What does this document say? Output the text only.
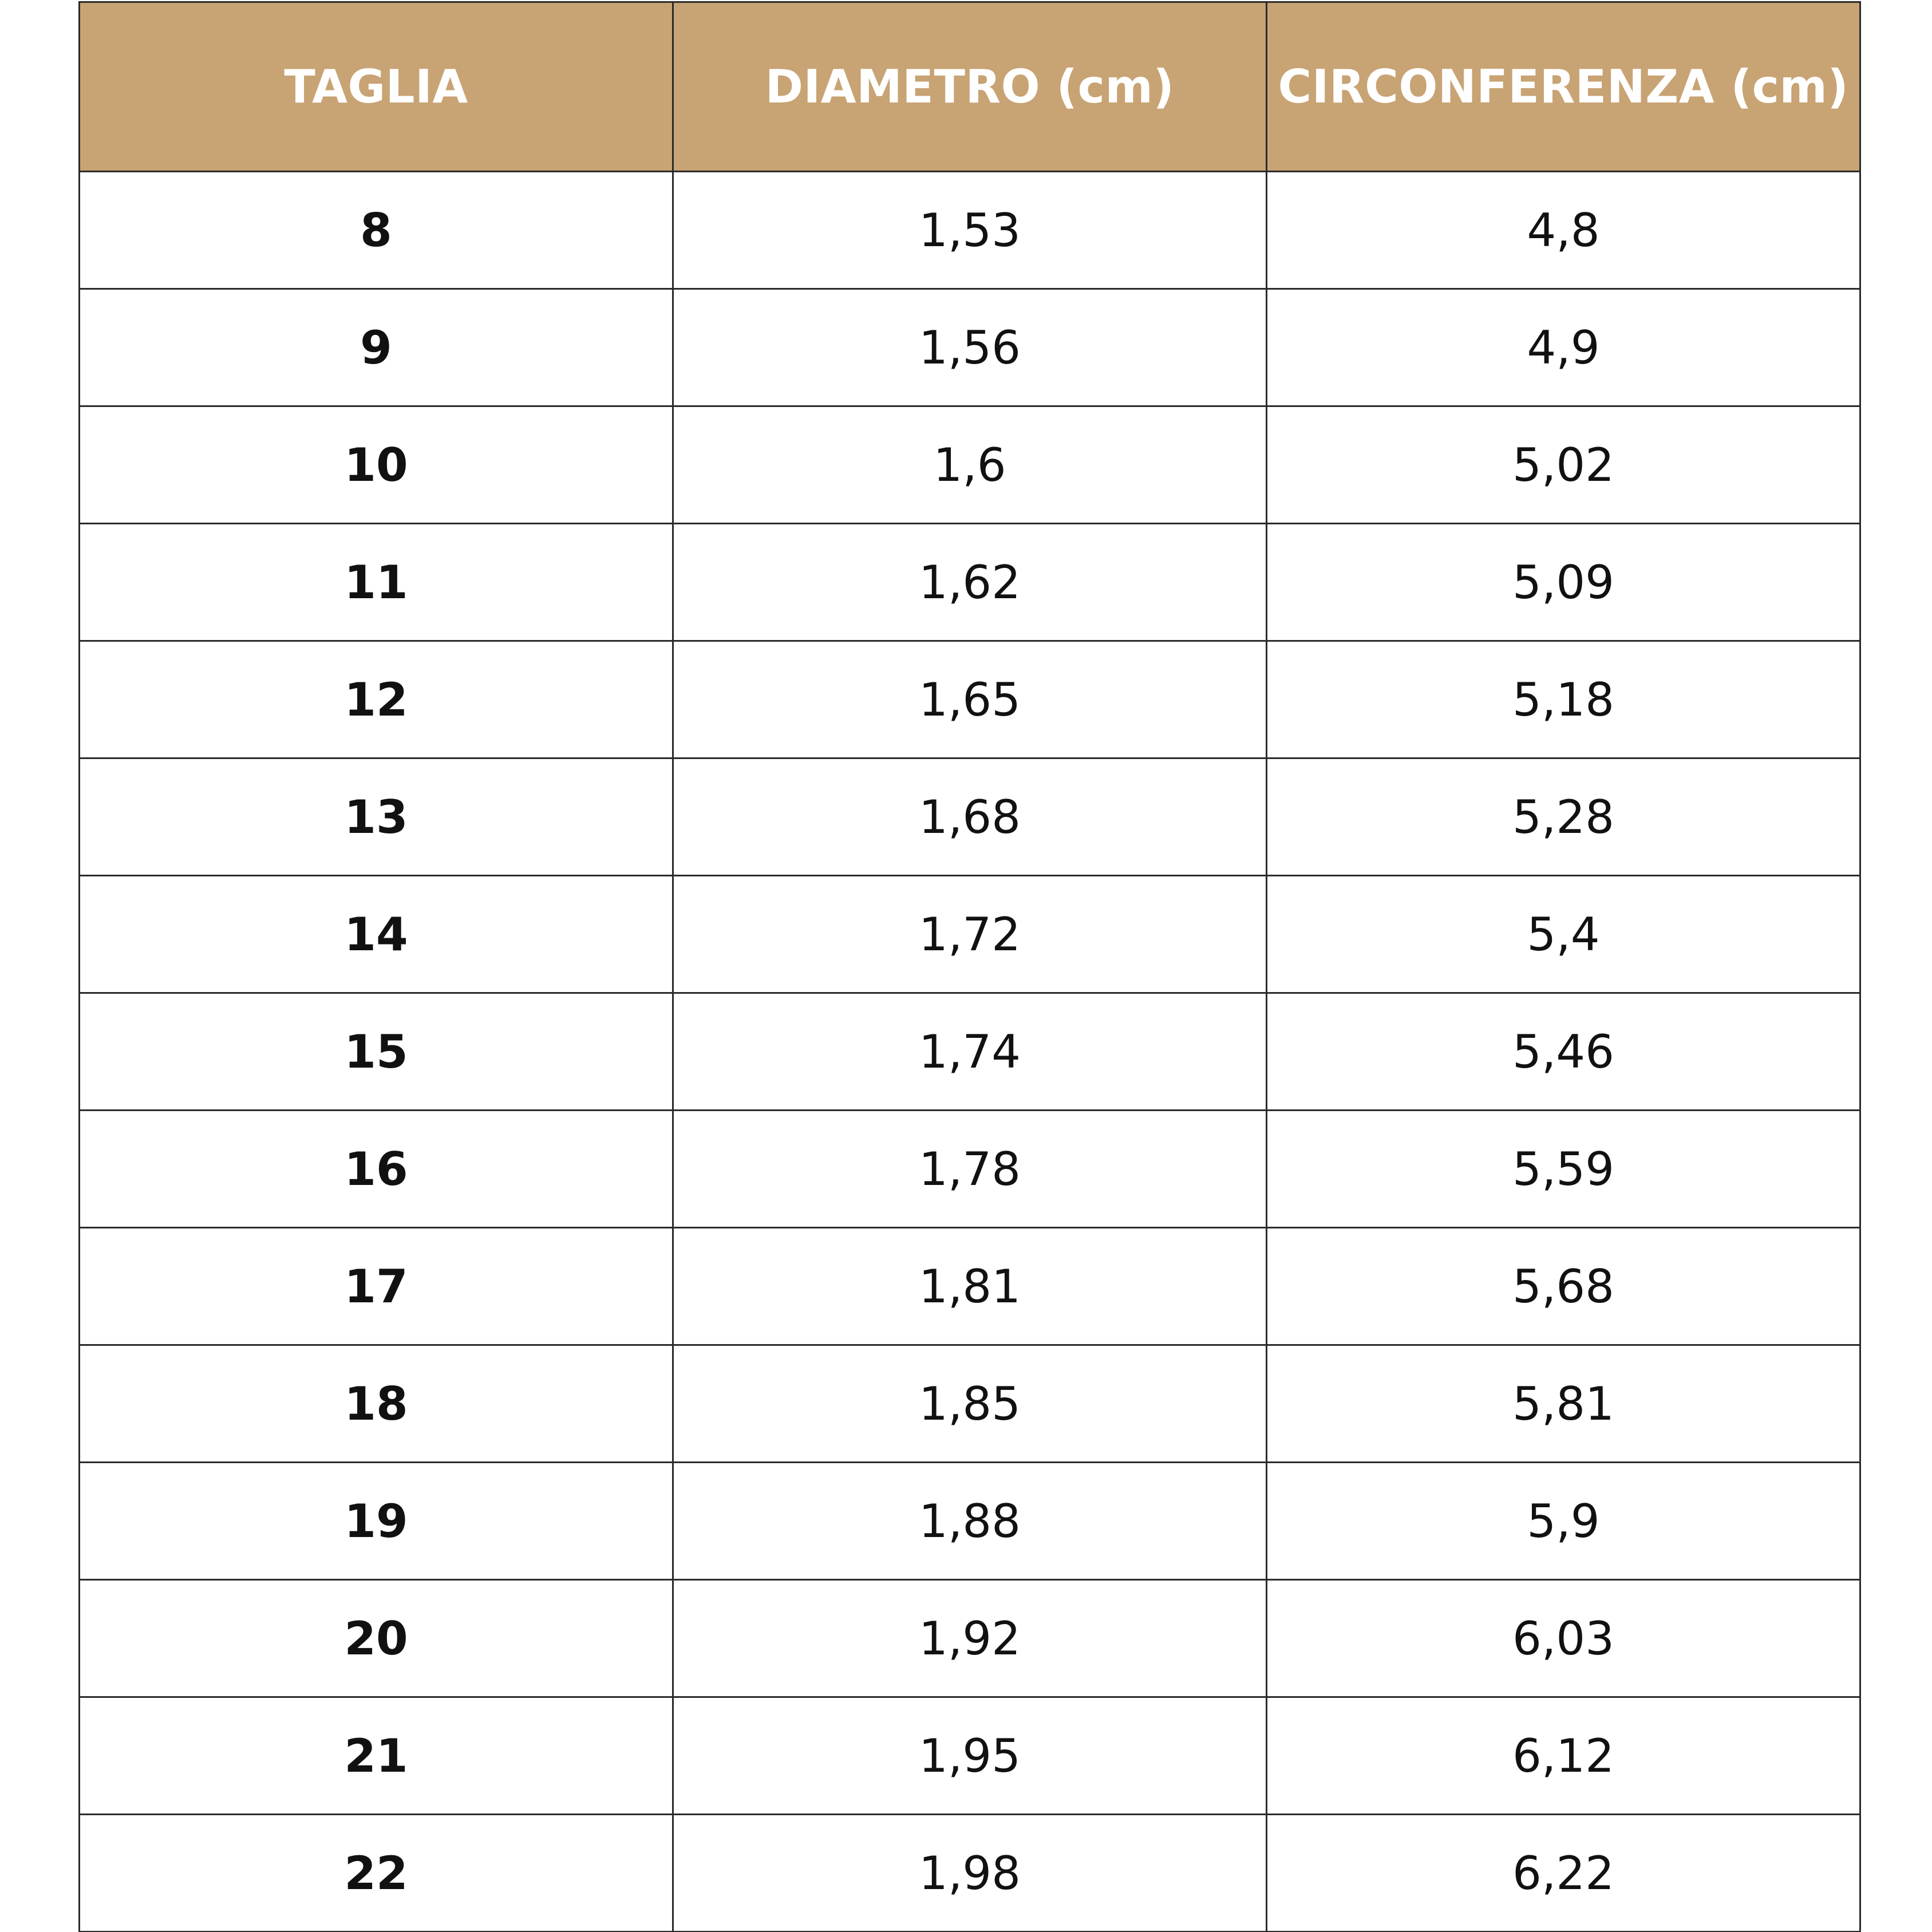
TAGLIA	DIAMETRO (cm)	CIRCONFERENZA (cm)
8	1,53	4,8
9	1,56	4,9
10	1,6	5,02
11	1,62	5,09
12	1,65	5,18
13	1,68	5,28
14	1,72	5,4
15	1,74	5,46
16	1,78	5,59
17	1,81	5,68
18	1,85	5,81
19	1,88	5,9
20	1,92	6,03
21	1,95	6,12
22	1,98	6,22
